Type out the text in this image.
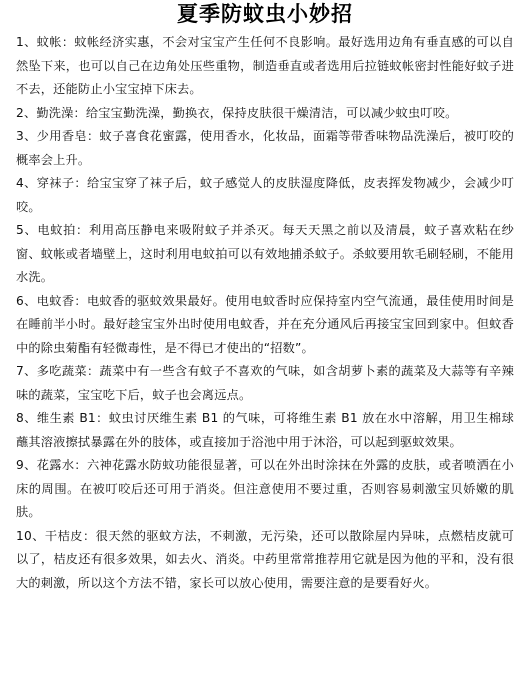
夏季防蚊虫小妙招
1、蚊帐：蚊帐经济实惠，不会对宝宝产生任何不良影响。最好选用边角有垂直感的可以自然坠下来，也可以自己在边角处压些重物，制造垂直或者选用后拉链蚊帐密封性能好蚊子进不去，还能防止小宝宝掉下床去。
2、勤洗澡：给宝宝勤洗澡，勤换衣，保持皮肤很干燥清洁，可以减少蚊虫叮咬。
3、少用香皂：蚊子喜食花蜜露，使用香水，化妆品，面霜等带香味物品洗澡后，被叮咬的概率会上升。
4、穿袜子：给宝宝穿了袜子后，蚊子感觉人的皮肤湿度降低，皮表挥发物减少，会减少叮咬。
5、电蚊拍：利用高压静电来吸附蚊子并杀灭。每天天黑之前以及清晨，蚊子喜欢粘在纱窗、蚊帐或者墙壁上，这时利用电蚊拍可以有效地捕杀蚊子。杀蚊要用软毛刷轻刷，不能用水洗。
6、电蚊香：电蚊香的驱蚊效果最好。使用电蚊香时应保持室内空气流通，最佳使用时间是在睡前半小时。最好趁宝宝外出时使用电蚊香，并在充分通风后再接宝宝回到家中。但蚊香中的除虫菊酯有轻微毒性，是不得已才使出的“招数”。
7、多吃蔬菜：蔬菜中有一些含有蚊子不喜欢的气味，如含胡萝卜素的蔬菜及大蒜等有辛辣味的蔬菜，宝宝吃下后，蚊子也会离远点。
8、维生素 B1：蚊虫讨厌维生素 B1 的气味，可将维生素 B1 放在水中溶解，用卫生棉球蘸其溶液擦拭暴露在外的肢体，或直接加于浴池中用于沐浴，可以起到驱蚊效果。
9、花露水：六神花露水防蚊功能很显著，可以在外出时涂抹在外露的皮肤，或者喷洒在小床的周围。在被叮咬后还可用于消炎。但注意使用不要过重，否则容易刺激宝贝娇嫩的肌肤。
10、干桔皮：很天然的驱蚊方法，不刺激，无污染，还可以散除屋内异味，点燃桔皮就可以了，桔皮还有很多效果，如去火、消炎。中药里常常推荐用它就是因为他的平和，没有很大的刺激，所以这个方法不错，家长可以放心使用，需要注意的是要看好火。
